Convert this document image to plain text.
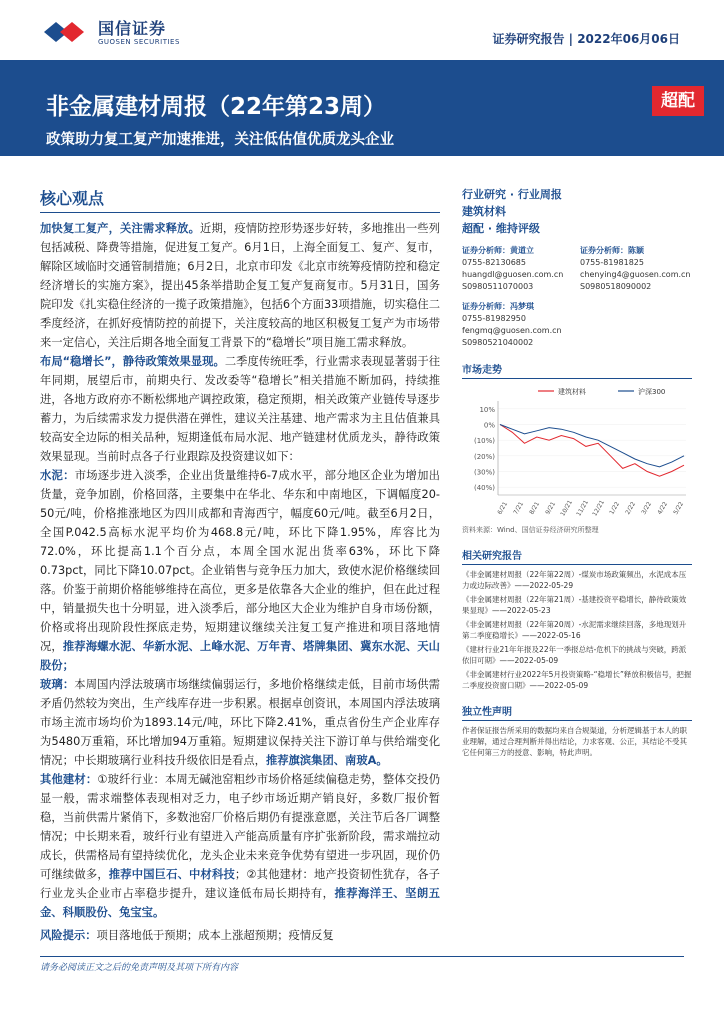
国信证券
GUOSEN SECURITIES	证券研究报告 | 2022年06月06日
非金属建材周报（22年第23周）
政策助力复工复产加速推进，关注低估值优质龙头企业
超配
核心观点

加快复工复产，关注需求释放。近期，疫情防控形势逐步好转，多地推出一些列包括减税、降费等措施，促进复工复产。6月1日，上海全面复工、复产、复市，解除区域临时交通管制措施；6月2日，北京市印发《北京市统筹疫情防控和稳定经济增长的实施方案》，提出45条举措助企复工复产复商复市。5月31日，国务院印发《扎实稳住经济的一揽子政策措施》，包括6个方面33项措施，切实稳住二季度经济，在抓好疫情防控的前提下，关注度较高的地区积极复工复产为市场带来一定信心，关注后期各地全面复工背景下的“稳增长”项目施工需求释放。

布局“稳增长”，静待政策效果显现。二季度传统旺季，行业需求表现显著弱于往年同期，展望后市，前期央行、发改委等“稳增长”相关措施不断加码，持续推进，各地方政府亦不断松绑地产调控政策，稳定预期，相关政策产业链传导逐步蓄力，为后续需求发力提供潜在弹性，建议关注基建、地产需求为主且估值兼具较高安全边际的相关品种，短期逢低布局水泥、地产链建材优质龙头，静待政策效果显现。当前时点各子行业跟踪及投资建议如下：

水泥：市场逐步进入淡季，企业出货量维持6-7成水平，部分地区企业为增加出货量，竞争加剧，价格回落，主要集中在华北、华东和中南地区，下调幅度20-50元/吨，价格推涨地区为四川成都和青海西宁，幅度60元/吨。截至6月2日，全国P.042.5高标水泥平均价为468.8元/吨，环比下降1.95%，库容比为72.0%，环比提高1.1个百分点，本周全国水泥出货率63%，环比下降0.73pct，同比下降10.07pct。企业销售与竞争压力加大，致使水泥价格继续回落。价鉴于前期价格能够维持在高位，更多是依靠各大企业的维护，但在此过程中，销量损失也十分明显，进入淡季后，部分地区大企业为维护自身市场份额，价格或将出现阶段性探底走势，短期建议继续关注复工复产推进和项目落地情况，推荐海螺水泥、华新水泥、上峰水泥、万年青、塔牌集团、冀东水泥、天山股份；

玻璃：本周国内浮法玻璃市场继续偏弱运行，多地价格继续走低，目前市场供需矛盾仍然较为突出，生产线库存进一步积累。根据卓创资讯，本周国内浮法玻璃市场主流市场均价为1893.14元/吨，环比下降2.41%，重点省份生产企业库存为5480万重箱，环比增加94万重箱。短期建议保持关注下游订单与供给端变化情况；中长期玻璃行业科技升级依旧是看点，推荐旗滨集团、南玻A。

其他建材：①玻纤行业：本周无碱池窑粗纱市场价格延续偏稳走势，整体交投仍显一般，需求端整体表现相对乏力，电子纱市场近期产销良好，多数厂报价暂稳，当前供需片紧俏下，多数池窑厂价格后期仍有提涨意愿，关注节后各厂调整情况；中长期来看，玻纤行业有望进入产能高质量有序扩张新阶段，需求端拉动成长，供需格局有望持续优化，龙头企业未来竞争优势有望进一步巩固，现价仍可继续做多，推荐中国巨石、中材科技；②其他建材：地产投资韧性犹存，各子行业龙头企业市占率稳步提升，建议逢低布局长期持有，推荐海洋王、坚朗五金、科顺股份、兔宝宝。

风险提示：项目落地低于预期；成本上涨超预期；疫情反复

行业研究 · 行业周报
建筑材料
超配 · 维持评级
证券分析师：黄道立
0755-82130685
huangdl@guosen.com.cn
S0980511070003
证券分析师：陈颖
0755-81981825
chenying4@guosen.com.cn
S0980518090002
证券分析师：冯梦琪
0755-81982950
fengmq@guosen.com.cn
S0980521040002
市场走势
10%
0%
(10%)
(20%)
(30%)
(40%)
6/21 7/21 8/21 9/21 10/21 11/21 12/21 1/22 2/22 3/22 4/22 5/22
建筑材料	沪深300
资料来源：Wind、国信证券经济研究所整理
相关研究报告
《非金属建材周报（22年第22周）-煤炭市场政策频出，水泥成本压力或边际改善》——2022-05-29
《非金属建材周报（22年第21周）-基建投资平稳增长，静待政策效果显现》——2022-05-23
《非金属建材周报（22年第20周）-水泥需求继续回落，多地现划升第二季度稳增长》——2022-05-16
《建材行业21年年报及22年一季报总结-危机下的挑战与突破，跨派依旧可期》——2022-05-09
《非金属建材行业2022年5月投资策略-“稳增长”释放积极信号，把握二季度投资窗口期》——2022-05-09
独立性声明
作者保证报告所采用的数据均来自合规渠道，分析逻辑基于本人的职业理解，通过合理判断并得出结论，力求客观、公正，其结论不受其它任何第三方的授意、影响，特此声明。
请务必阅读正文之后的免责声明及其项下所有内容
